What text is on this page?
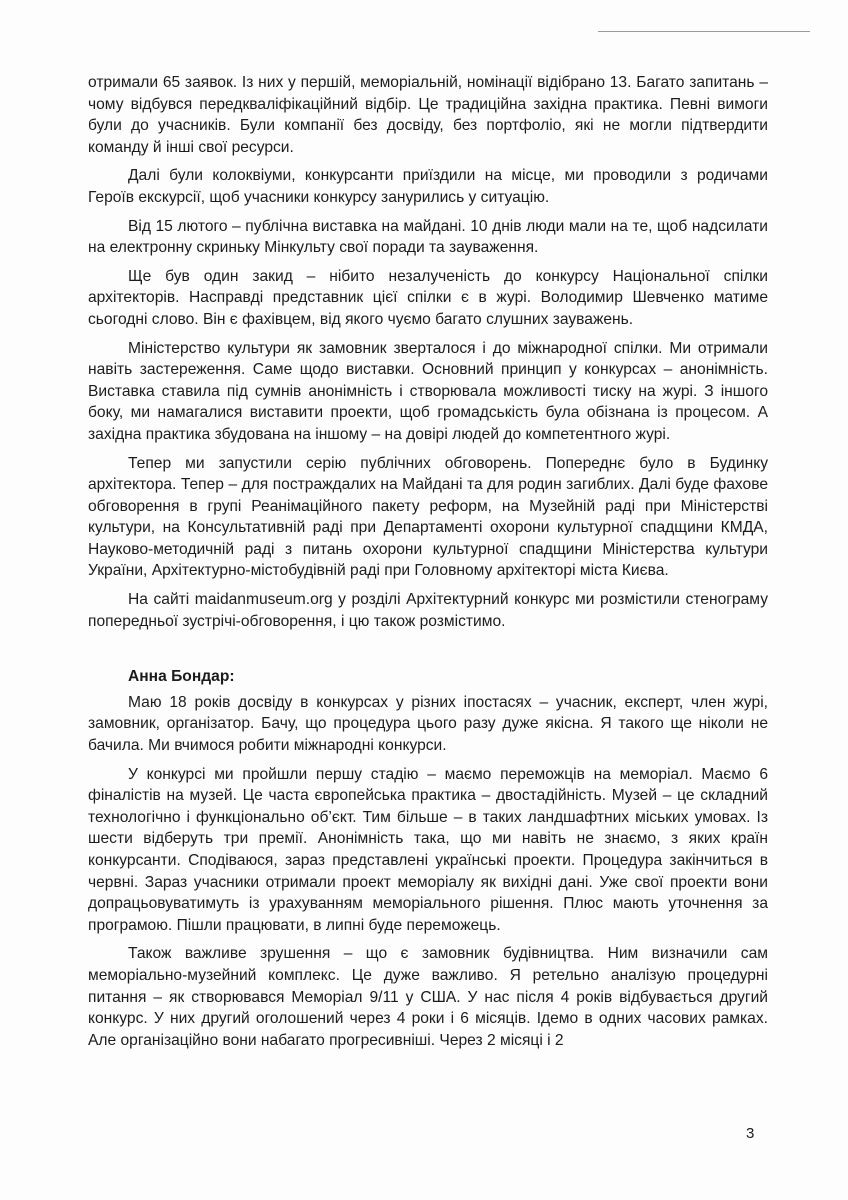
отримали 65 заявок. Із них у першій, меморіальній, номінації відібрано 13. Багато запитань – чому відбувся передкваліфікаційний відбір. Це традиційна західна практика. Певні вимоги були до учасників. Були компанії без досвіду, без портфоліо, які не могли підтвердити команду й інші свої ресурси.

Далі були колоквіуми, конкурсанти приїздили на місце, ми проводили з родичами Героїв екскурсії, щоб учасники конкурсу занурились у ситуацію.

Від 15 лютого – публічна виставка на майдані. 10 днів люди мали на те, щоб надсилати на електронну скриньку Мінкульту свої поради та зауваження.

Ще був один закид – нібито незалученість до конкурсу Національної спілки архітекторів. Насправді представник цієї спілки є в журі. Володимир Шевченко матиме сьогодні слово. Він є фахівцем, від якого чуємо багато слушних зауважень.

Міністерство культури як замовник зверталося і до міжнародної спілки. Ми отримали навіть застереження. Саме щодо виставки. Основний принцип у конкурсах – анонімність. Виставка ставила під сумнів анонімність і створювала можливості тиску на журі. З іншого боку, ми намагалися виставити проекти, щоб громадськість була обізнана із процесом. А західна практика збудована на іншому – на довірі людей до компетентного журі.

Тепер ми запустили серію публічних обговорень. Попереднє було в Будинку архітектора. Тепер – для постраждалих на Майдані та для родин загиблих. Далі буде фахове обговорення в групі Реанімаційного пакету реформ, на Музейній раді при Міністерстві культури, на Консультативній раді при Департаменті охорони культурної спадщини КМДА, Науково-методичній раді з питань охорони культурної спадщини Міністерства культури України, Архітектурно-містобудівній раді при Головному архітекторі міста Києва.

На сайті maidanmuseum.org у розділі Архітектурний конкурс ми розмістили стенограму попередньої зустрічі-обговорення, і цю також розмістимо.

Анна Бондар:

Маю 18 років досвіду в конкурсах у різних іпостасях – учасник, експерт, член журі, замовник, організатор. Бачу, що процедура цього разу дуже якісна. Я такого ще ніколи не бачила. Ми вчимося робити міжнародні конкурси.

У конкурсі ми пройшли першу стадію – маємо переможців на меморіал. Маємо 6 фіналістів на музей. Це часта європейська практика – двостадійність. Музей – це складний технологічно і функціонально об’єкт. Тим більше – в таких ландшафтних міських умовах. Із шести відберуть три премії. Анонімність така, що ми навіть не знаємо, з яких країн конкурсанти. Сподіваюся, зараз представлені українські проекти. Процедура закінчиться в червні. Зараз учасники отримали проект меморіалу як вихідні дані. Уже свої проекти вони допрацьовуватимуть із урахуванням меморіального рішення. Плюс мають уточнення за програмою. Пішли працювати, в липні буде переможець.

Також важливе зрушення – що є замовник будівництва. Ним визначили сам меморіально-музейний комплекс. Це дуже важливо. Я ретельно аналізую процедурні питання – як створювався Меморіал 9/11 у США. У нас після 4 років відбувається другий конкурс. У них другий оголошений через 4 роки і 6 місяців. Ідемо в одних часових рамках. Але організаційно вони набагато прогресивніші. Через 2 місяці і 2

3
